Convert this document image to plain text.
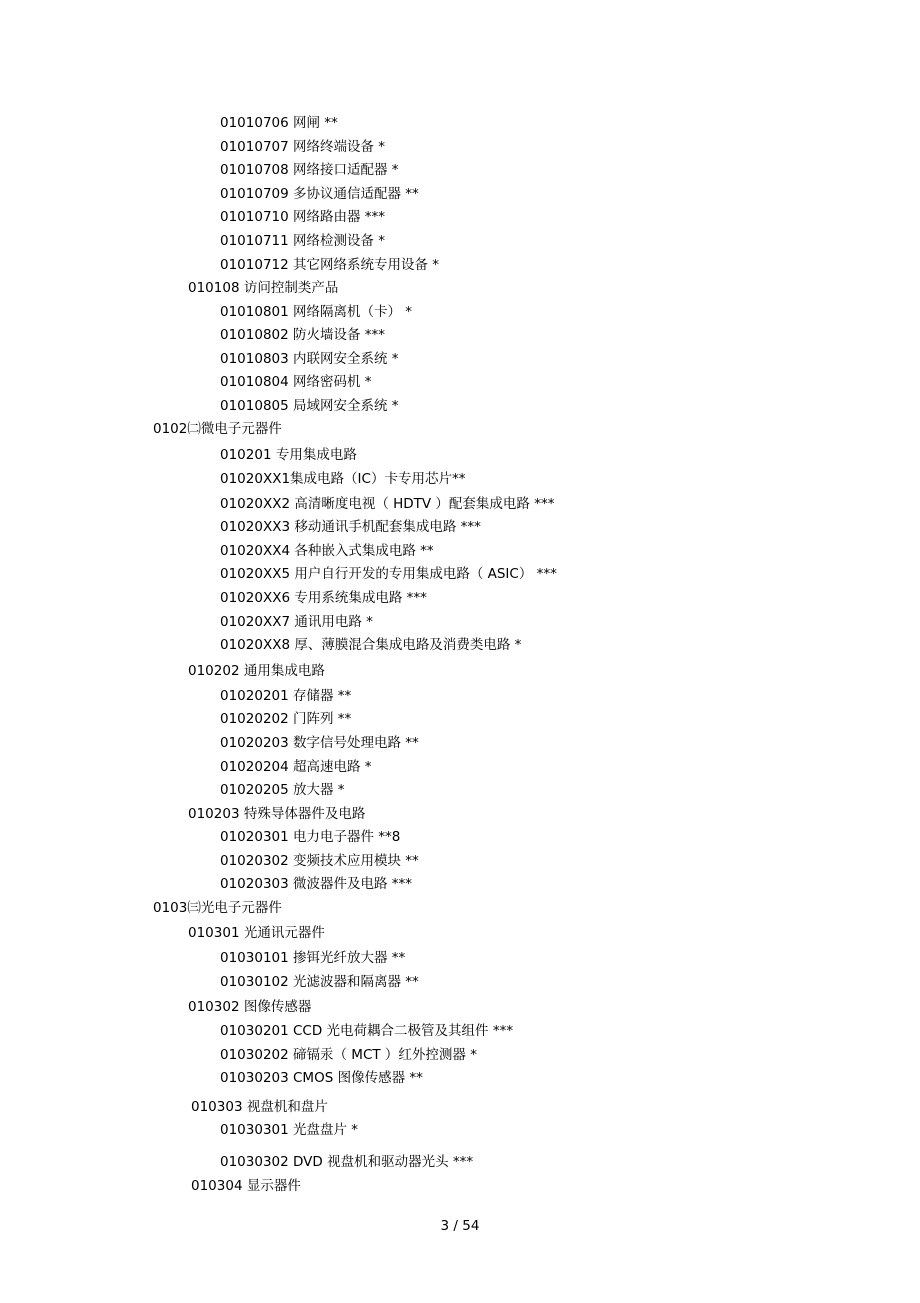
01010706 网闸 **
01010707 网络终端设备 *
01010708 网络接口适配器 *
01010709 多协议通信适配器 **
01010710 网络路由器 ***
01010711 网络检测设备 *
01010712 其它网络系统专用设备 *
010108 访问控制类产品
01010801 网络隔离机（卡） *
01010802 防火墙设备 ***
01010803 内联网安全系统 *
01010804 网络密码机 *
01010805 局域网安全系统 *
0102㈡微电子元器件
010201 专用集成电路
01020XX1集成电路（IC）卡专用芯片**
01020XX2 高清晰度电视（ HDTV ）配套集成电路 ***
01020XX3 移动通讯手机配套集成电路 ***
01020XX4 各种嵌入式集成电路 **
01020XX5 用户自行开发的专用集成电路（ ASIC） ***
01020XX6 专用系统集成电路 ***
01020XX7 通讯用电路 *
01020XX8 厚、薄膜混合集成电路及消费类电路 *
010202 通用集成电路
01020201 存储器 **
01020202 门阵列 **
01020203 数字信号处理电路 **
01020204 超高速电路 *
01020205 放大器 *
010203 特殊导体器件及电路
01020301 电力电子器件 **8
01020302 变频技术应用模块 **
01020303 微波器件及电路 ***
0103㈢光电子元器件
010301 光通讯元器件
01030101 掺铒光纤放大器 **
01030102 光滤波器和隔离器 **
010302 图像传感器
01030201 CCD 光电荷耦合二极管及其组件 ***
01030202 碲镉汞（ MCT ）红外控测器 *
01030203 CMOS 图像传感器 **
010303 视盘机和盘片
01030301 光盘盘片 *
01030302 DVD 视盘机和驱动器光头 ***
010304 显示器件
3 / 54
